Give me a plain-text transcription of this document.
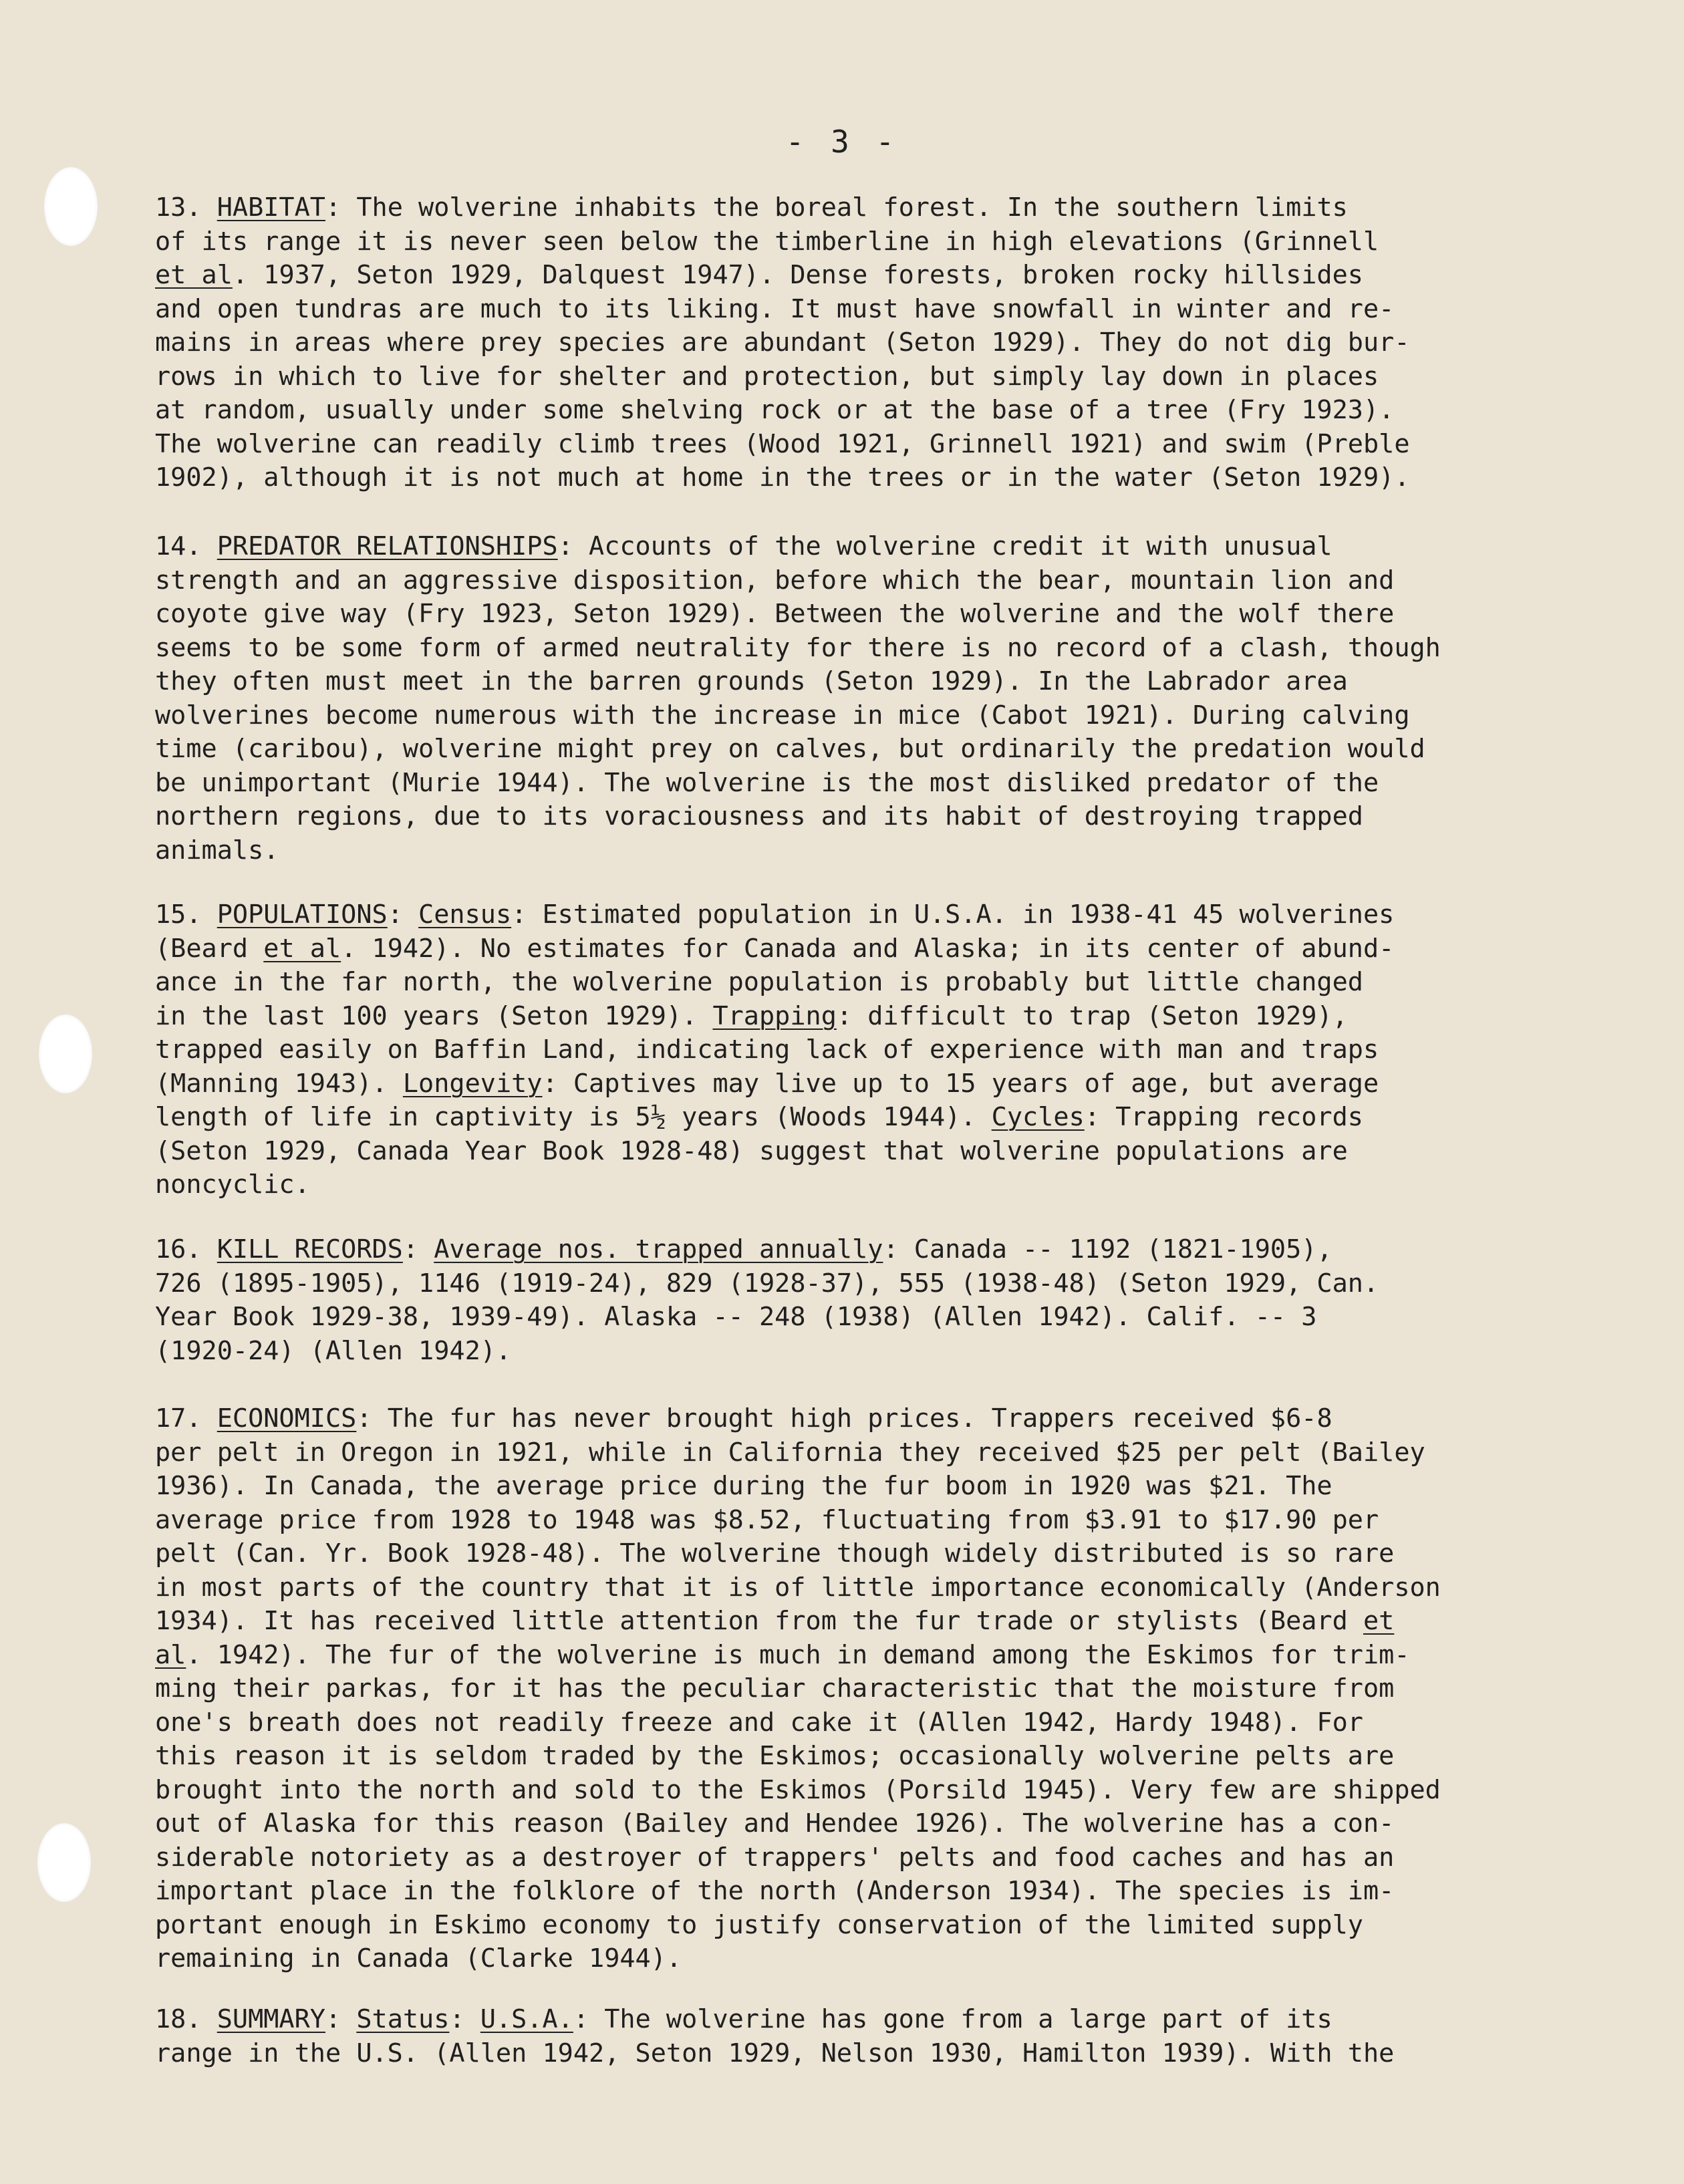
- 3 -
13. HABITAT: The wolverine inhabits the boreal forest. In the southern limits
of its range it is never seen below the timberline in high elevations (Grinnell
et al. 1937, Seton 1929, Dalquest 1947). Dense forests, broken rocky hillsides
and open tundras are much to its liking. It must have snowfall in winter and re-
mains in areas where prey species are abundant (Seton 1929). They do not dig bur-
rows in which to live for shelter and protection, but simply lay down in places
at random, usually under some shelving rock or at the base of a tree (Fry 1923).
The wolverine can readily climb trees (Wood 1921, Grinnell 1921) and swim (Preble
1902), although it is not much at home in the trees or in the water (Seton 1929).
14. PREDATOR RELATIONSHIPS: Accounts of the wolverine credit it with unusual
strength and an aggressive disposition, before which the bear, mountain lion and
coyote give way (Fry 1923, Seton 1929). Between the wolverine and the wolf there
seems to be some form of armed neutrality for there is no record of a clash, though
they often must meet in the barren grounds (Seton 1929). In the Labrador area
wolverines become numerous with the increase in mice (Cabot 1921). During calving
time (caribou), wolverine might prey on calves, but ordinarily the predation would
be unimportant (Murie 1944). The wolverine is the most disliked predator of the
northern regions, due to its voraciousness and its habit of destroying trapped
animals.
15. POPULATIONS: Census: Estimated population in U.S.A. in 1938-41 45 wolverines
(Beard et al. 1942). No estimates for Canada and Alaska; in its center of abund-
ance in the far north, the wolverine population is probably but little changed
in the last 100 years (Seton 1929). Trapping: difficult to trap (Seton 1929),
trapped easily on Baffin Land, indicating lack of experience with man and traps
(Manning 1943). Longevity: Captives may live up to 15 years of age, but average
length of life in captivity is 5½ years (Woods 1944). Cycles: Trapping records
(Seton 1929, Canada Year Book 1928-48) suggest that wolverine populations are
noncyclic.
16. KILL RECORDS: Average nos. trapped annually: Canada -- 1192 (1821-1905),
726 (1895-1905), 1146 (1919-24), 829 (1928-37), 555 (1938-48) (Seton 1929, Can.
Year Book 1929-38, 1939-49). Alaska -- 248 (1938) (Allen 1942). Calif. -- 3
(1920-24) (Allen 1942).
17. ECONOMICS: The fur has never brought high prices. Trappers received $6-8
per pelt in Oregon in 1921, while in California they received $25 per pelt (Bailey
1936). In Canada, the average price during the fur boom in 1920 was $21. The
average price from 1928 to 1948 was $8.52, fluctuating from $3.91 to $17.90 per
pelt (Can. Yr. Book 1928-48). The wolverine though widely distributed is so rare
in most parts of the country that it is of little importance economically (Anderson
1934). It has received little attention from the fur trade or stylists (Beard et
al. 1942). The fur of the wolverine is much in demand among the Eskimos for trim-
ming their parkas, for it has the peculiar characteristic that the moisture from
one's breath does not readily freeze and cake it (Allen 1942, Hardy 1948). For
this reason it is seldom traded by the Eskimos; occasionally wolverine pelts are
brought into the north and sold to the Eskimos (Porsild 1945). Very few are shipped
out of Alaska for this reason (Bailey and Hendee 1926). The wolverine has a con-
siderable notoriety as a destroyer of trappers' pelts and food caches and has an
important place in the folklore of the north (Anderson 1934). The species is im-
portant enough in Eskimo economy to justify conservation of the limited supply
remaining in Canada (Clarke 1944).
18. SUMMARY: Status: U.S.A.: The wolverine has gone from a large part of its
range in the U.S. (Allen 1942, Seton 1929, Nelson 1930, Hamilton 1939). With the
